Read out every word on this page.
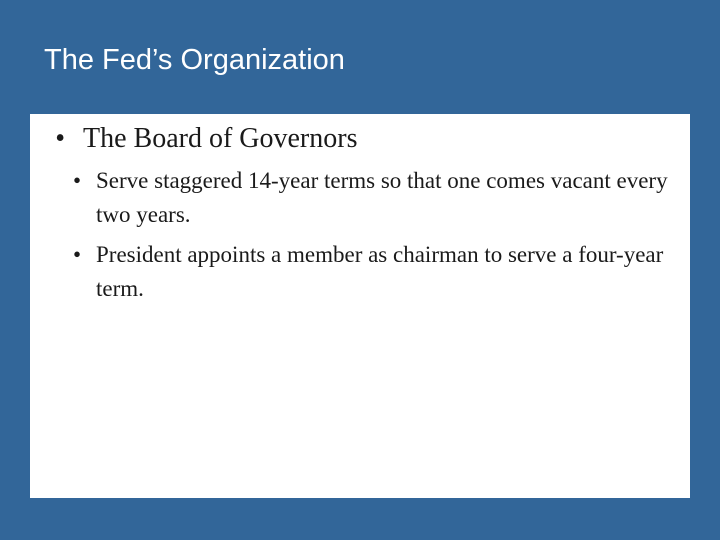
The Fed’s Organization
• The Board of Governors
• Serve staggered 14-year terms so that one comes vacant every two years.
• President appoints a member as chairman to serve a four-year term.
